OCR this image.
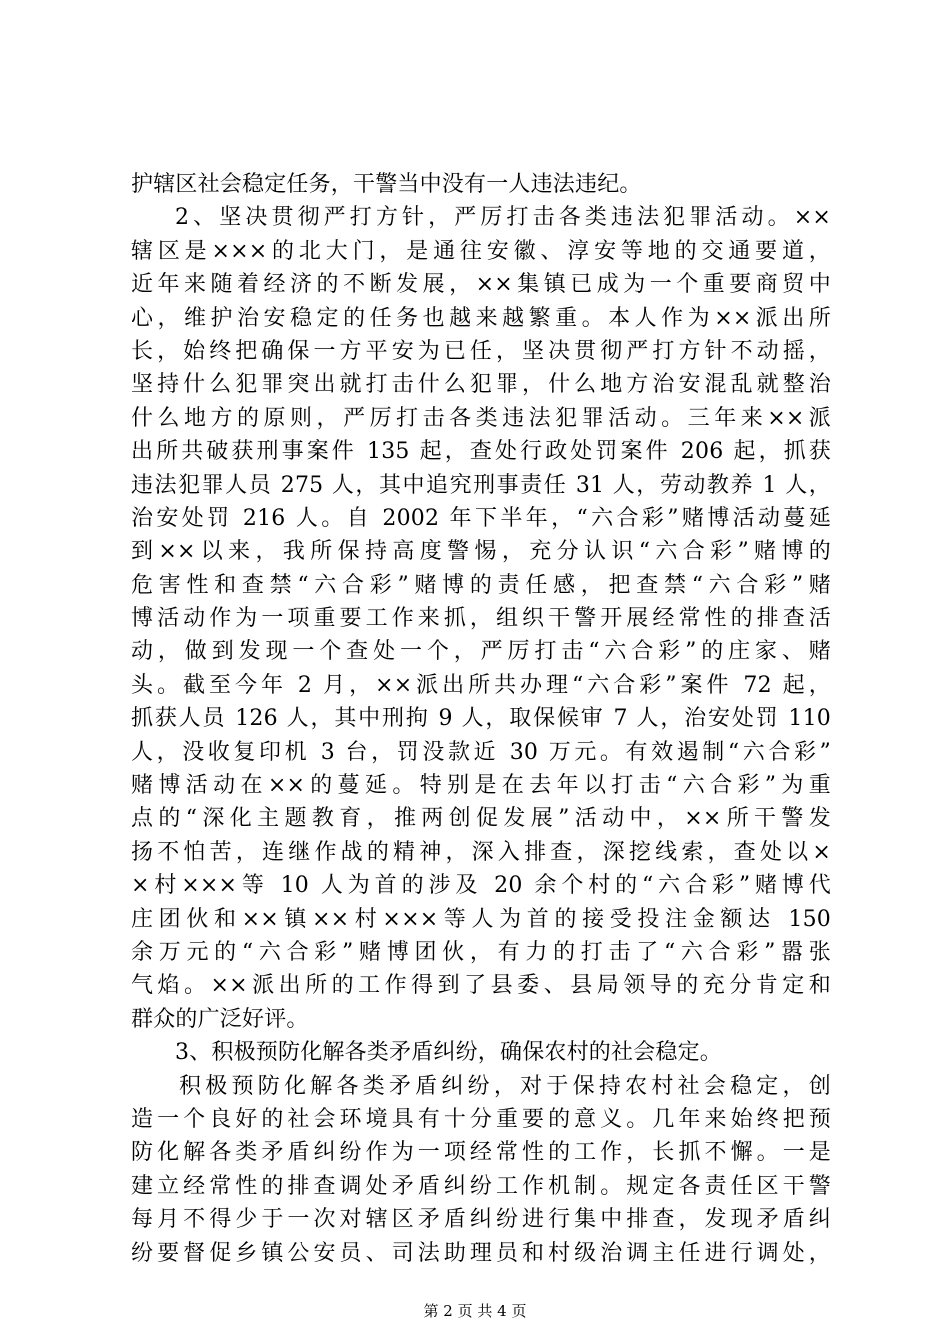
护辖区社会稳定任务，干警当中没有一人违法违纪。
2、坚决贯彻严打方针，严厉打击各类违法犯罪活动。××
辖区是×××的北大门，是通往安徽、淳安等地的交通要道，
近年来随着经济的不断发展，××集镇已成为一个重要商贸中
心，维护治安稳定的任务也越来越繁重。本人作为××派出所
长，始终把确保一方平安为已任，坚决贯彻严打方针不动摇，
坚持什么犯罪突出就打击什么犯罪，什么地方治安混乱就整治
什么地方的原则，严厉打击各类违法犯罪活动。三年来××派
出所共破获刑事案件 135 起，查处行政处罚案件 206 起，抓获
违法犯罪人员 275 人，其中追究刑事责任 31 人，劳动教养 1 人，
治安处罚 216 人。自 2002 年下半年，“六合彩”赌博活动蔓延
到××以来，我所保持高度警惕，充分认识“六合彩”赌博的
危害性和查禁“六合彩”赌博的责任感，把查禁“六合彩”赌
博活动作为一项重要工作来抓，组织干警开展经常性的排查活
动，做到发现一个查处一个，严厉打击“六合彩”的庄家、赌
头。截至今年 2 月，××派出所共办理“六合彩”案件 72 起，
抓获人员 126 人，其中刑拘 9 人，取保候审 7 人，治安处罚 110
人，没收复印机 3 台，罚没款近 30 万元。有效遏制“六合彩”
赌博活动在××的蔓延。特别是在去年以打击“六合彩”为重
点的“深化主题教育，推两创促发展”活动中，××所干警发
扬不怕苦，连继作战的精神，深入排查，深挖线索，查处以×
×村×××等 10 人为首的涉及 20 余个村的“六合彩”赌博代
庄团伙和××镇××村×××等人为首的接受投注金额达 150
余万元的“六合彩”赌博团伙，有力的打击了“六合彩”嚣张
气焰。××派出所的工作得到了县委、县局领导的充分肯定和
群众的广泛好评。
3、积极预防化解各类矛盾纠纷，确保农村的社会稳定。
积极预防化解各类矛盾纠纷，对于保持农村社会稳定，创
造一个良好的社会环境具有十分重要的意义。几年来始终把预
防化解各类矛盾纠纷作为一项经常性的工作，长抓不懈。一是
建立经常性的排查调处矛盾纠纷工作机制。规定各责任区干警
每月不得少于一次对辖区矛盾纠纷进行集中排查，发现矛盾纠
纷要督促乡镇公安员、司法助理员和村级治调主任进行调处，
第 2 页 共 4 页
